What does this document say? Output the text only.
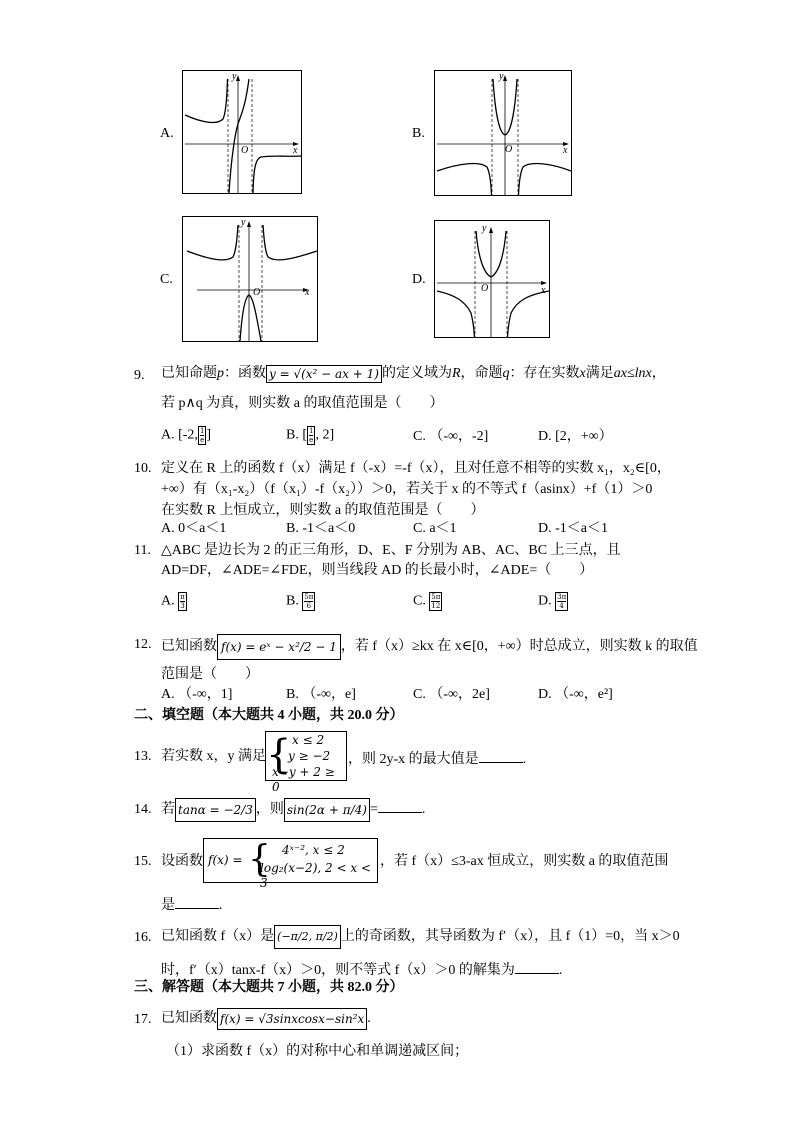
A.
y
x
O
B.
y
x
O
C.
y
x
O
D.
y
x
O
9. 已知命题p：函数 y = √(x² − ax + 1) 的定义域为R，命题q：存在实数x满足ax≤lnx，
若 p∧q 为真，则实数 a 的取值范围是（　　）
A. [-2, $\frac{1}{e}$ ]	B. [ $\frac{1}{e}$ , 2]	C. （-∞，-2]	D. [2，+∞）
10. 定义在 R 上的函数 f（x）满足 f（-x）=-f（x），且对任意不相等的实数 x₁，x₂∈[0，
+∞）有（x₁-x₂）（f（x₁）-f（x₂））＞0，若关于 x 的不等式 f（asinx）+f（1）＞0
在实数 R 上恒成立，则实数 a 的取值范围是（　　）
A. 0＜a＜1	B. -1＜a＜0	C. a＜1	D. -1＜a＜1
11. △ABC 是边长为 2 的正三角形，D、E、F 分别为 AB、AC、BC 上三点，且
AD=DF，∠ADE=∠FDE，则当线段 AD 的长最小时，∠ADE=（　　）
A. $\frac{\pi}{3}$	B. $\frac{5\pi}{6}$	C. $\frac{5\pi}{12}$	D. $\frac{3\pi}{4}$
12. 已知函数 f(x) = eˣ − x²/2 − 1 ，若 f（x）≥kx 在 x∈[0，+∞）时总成立，则实数 k 的取值
范围是（　　）
A. （-∞，1]	B. （-∞，e]	C. （-∞，2e]	D. （-∞，e²]
二、填空题（本大题共 4 小题，共 20.0 分）
13. 若实数 x，y 满足 { x ≤ 2
y ≥ −2
x−y + 2 ≥ 0
，则 2y-x 的最大值是	.
14. 若 tanα = −2/3 ，则 sin(2α + π/4) =	.
15. 设函数 f(x) = { 4ˣ⁻², x ≤ 2
log₂(x−2), 2 < x < 3
，若 f（x）≤3-ax 恒成立，则实数 a 的取值范围
是	.
16. 已知函数 f（x）是 (−π/2, π/2) 上的奇函数，其导函数为 f′（x），且 f（1）=0，当 x＞0
时，f′（x）tanx-f（x）＞0，则不等式 f（x）＞0 的解集为	.
三、解答题（本大题共 7 小题，共 82.0 分）
17. 已知函数 f(x) = √3sinxcosx−sin²x .
（1）求函数 f（x）的对称中心和单调递减区间；
